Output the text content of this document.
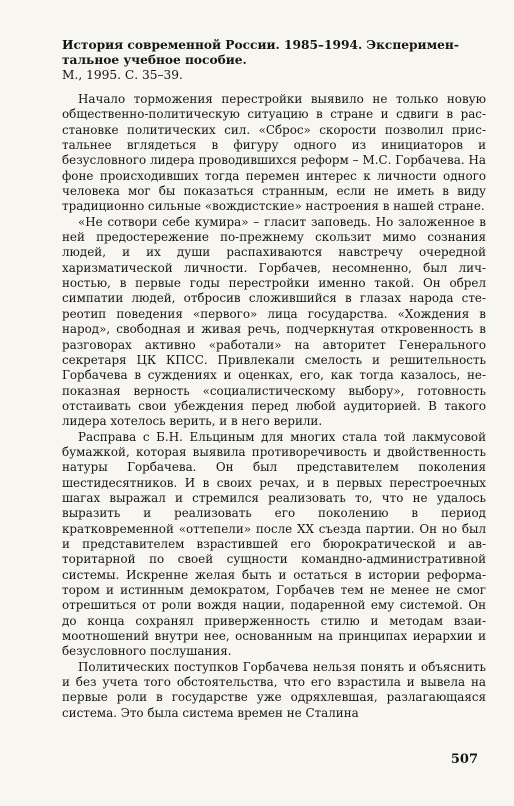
История современной России. 1985–1994. Экспериментальное учебное пособие.
М., 1995. С. 35–39.

Начало торможения перестройки выявило не только новую общественно-политическую ситуацию в стране и сдвиги в расстановке политических сил. «Сброс» скорости позволил пристальнее вглядеться в фигуру одного из инициаторов и безусловного лидера проводившихся реформ – М.С. Горбачева. На фоне происходивших тогда перемен интерес к личности одного человека мог бы показаться странным, если не иметь в виду традиционно сильные «вождистские» настроения в нашей стране.

«Не сотвори себе кумира» – гласит заповедь. Но заложенное в ней предостережение по-прежнему скользит мимо сознания людей, и их души распахиваются навстречу очередной харизматической личности. Горбачев, несомненно, был личностью, в первые годы перестройки именно такой. Он обрел симпатии людей, отбросив сложившийся в глазах народа стереотип поведения «первого» лица государства. «Хождения в народ», свободная и живая речь, подчеркнутая откровенность в разговорах активно «работали» на авторитет Генерального секретаря ЦК КПСС. Привлекали смелость и решительность Горбачева в суждениях и оценках, его, как тогда казалось, непоказная верность «социалистическому выбору», готовность отстаивать свои убеждения перед любой аудиторией. В такого лидера хотелось верить, и в него верили.

Расправа с Б.Н. Ельциным для многих стала той лакмусовой бумажкой, которая выявила противоречивость и двойственность натуры Горбачева. Он был представителем поколения шестидесятников. И в своих речах, и в первых перестроечных шагах выражал и стремился реализовать то, что не удалось выразить и реализовать его поколению в период кратковременной «оттепели» после XX съезда партии. Он но был и представителем взрастившей его бюрократической и авторитарной по своей сущности командно-административной системы. Искренне желая быть и остаться в истории реформатором и истинным демократом, Горбачев тем не менее не смог отрешиться от роли вождя нации, подаренной ему системой. Он до конца сохранял приверженность стилю и методам взаимоотношений внутри нее, основанным на принципах иерархии и безусловного послушания.

Политических поступков Горбачева нельзя понять и объяснить и без учета того обстоятельства, что его взрастила и вывела на первые роли в государстве уже одряхлевшая, разлагающаяся система. Это была система времен не Сталина

507
